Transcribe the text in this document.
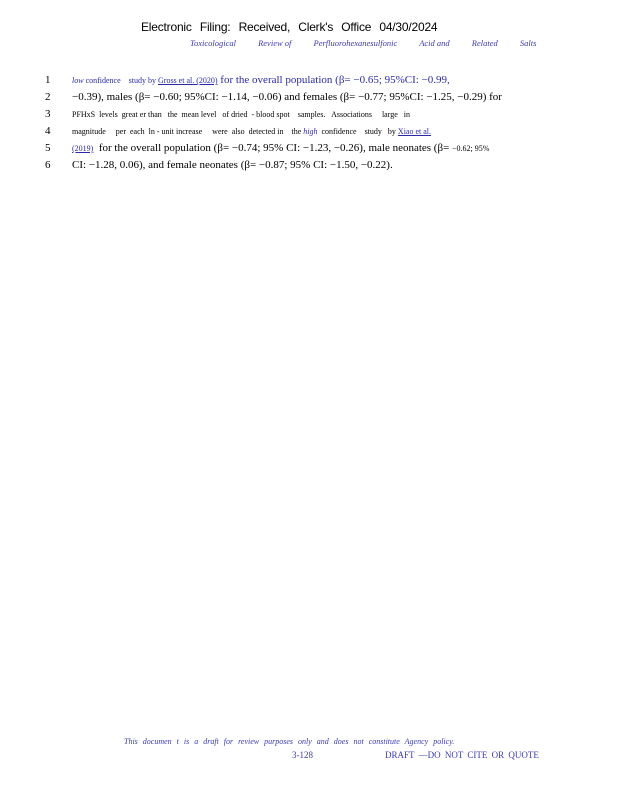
Electronic Filing: Received, Clerk's Office 04/30/2024
Toxicological	Review of	Perfluorohexanesulfonic	Acid and	Related	Salts
1
2
3
4
5
6
low confidence    study by Gross et al. (2020) for the overall population (β= −0.65; 95%CI: −0.99,
−0.39), males (β= −0.60; 95%CI: −1.14, −0.06) and females (β= −0.77; 95%CI: −1.25, −0.29) for
PFHxS  levels  great er than   the  mean level   of dried  - blood spot    samples.   Associations     large   in
magnitude     per  each  ln - unit increase     were  also  detected in    the high  confidence    study   by Xiao et al.
(2019)  for the overall population (β= −0.74; 95% CI: −1.23, −0.26), male neonates (β= −0.62; 95%
CI: −1.28, 0.06), and female neonates (β= −0.87; 95% CI: −1.50, −0.22).
This documen t is a draft for review purposes only and does not constitute Agency policy.
3-128	DRAFT —DO NOT CITE OR QUOTE
